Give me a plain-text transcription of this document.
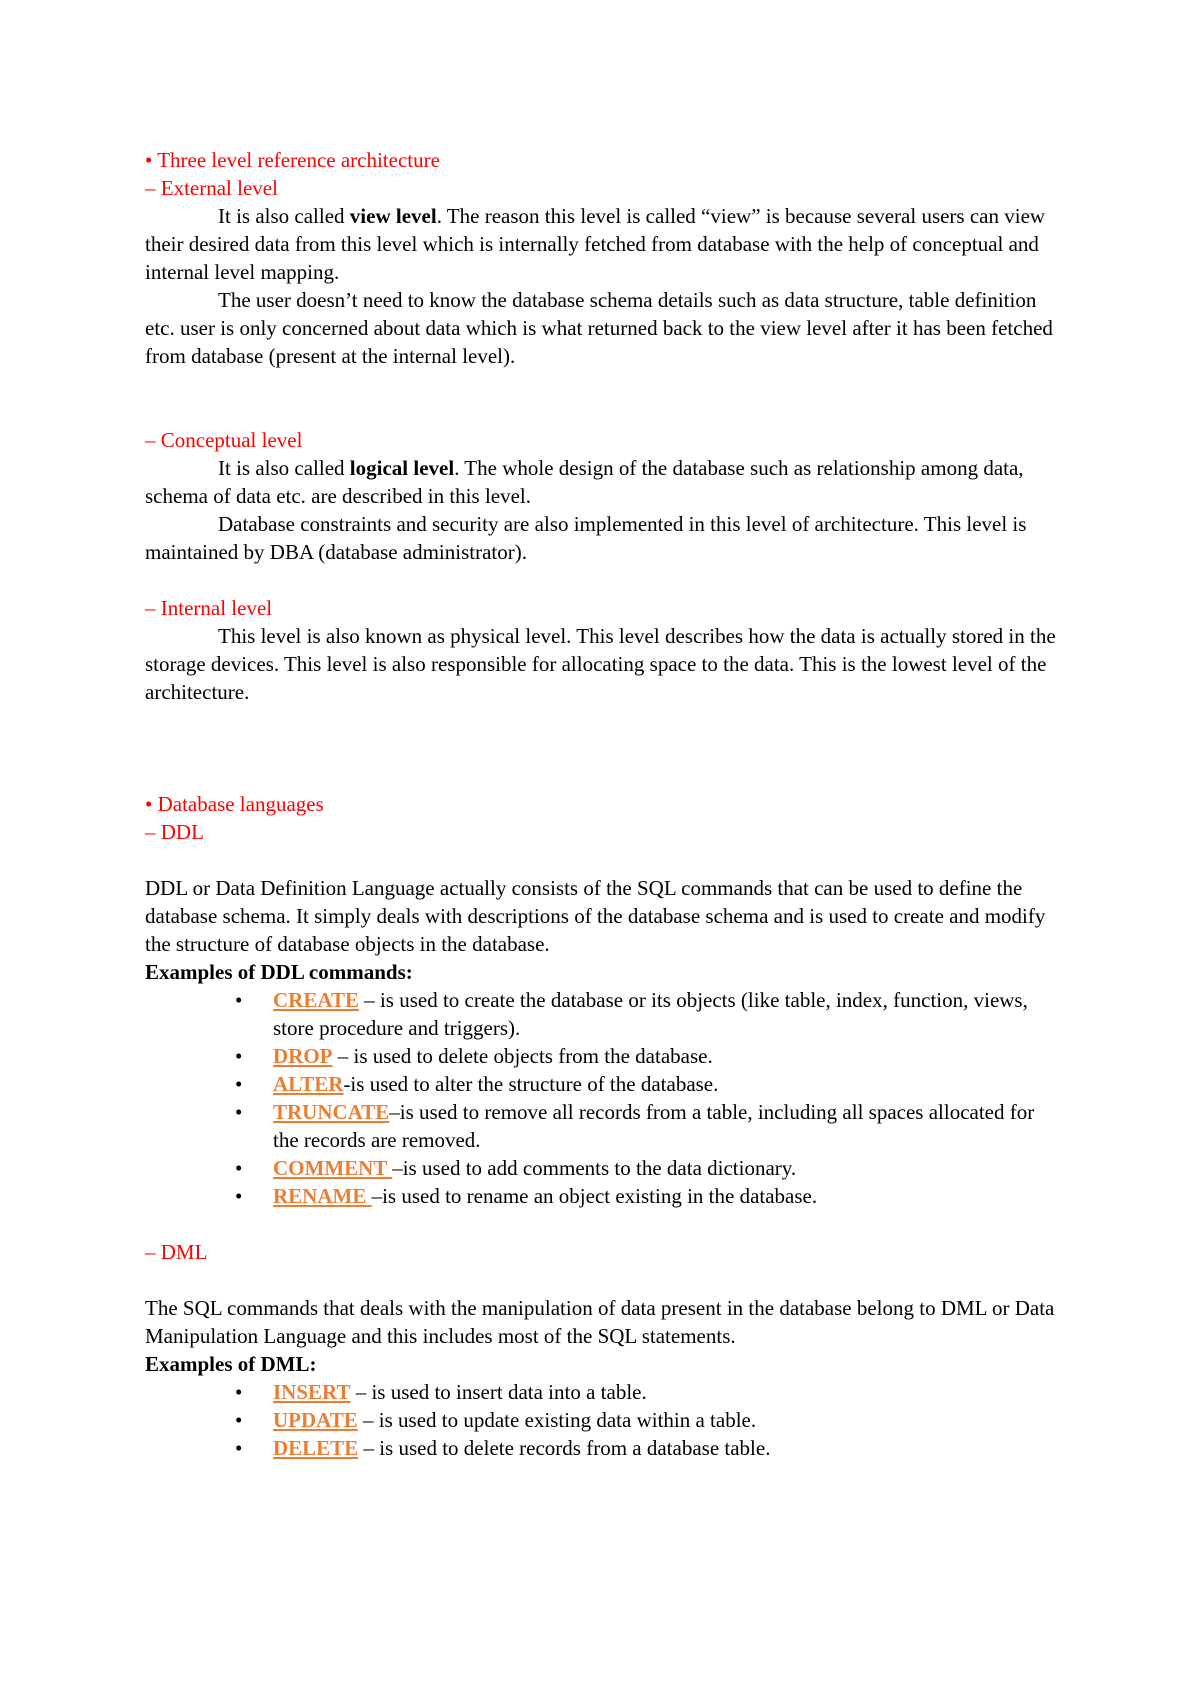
• Three level reference architecture

– External level

It is also called view level. The reason this level is called “view” is because several users can view their desired data from this level which is internally fetched from database with the help of conceptual and internal level mapping.

The user doesn’t need to know the database schema details such as data structure, table definition etc. user is only concerned about data which is what returned back to the view level after it has been fetched from database (present at the internal level).

– Conceptual level

It is also called logical level. The whole design of the database such as relationship among data, schema of data etc. are described in this level.

Database constraints and security are also implemented in this level of architecture. This level is maintained by DBA (database administrator).

– Internal level

This level is also known as physical level. This level describes how the data is actually stored in the storage devices. This level is also responsible for allocating space to the data. This is the lowest level of the architecture.

• Database languages

– DDL

DDL or Data Definition Language actually consists of the SQL commands that can be used to define the database schema. It simply deals with descriptions of the database schema and is used to create and modify the structure of database objects in the database.

Examples of DDL commands:

• CREATE – is used to create the database or its objects (like table, index, function, views, store procedure and triggers).
• DROP – is used to delete objects from the database.
• ALTER-is used to alter the structure of the database.
• TRUNCATE–is used to remove all records from a table, including all spaces allocated for the records are removed.
• COMMENT –is used to add comments to the data dictionary.
• RENAME –is used to rename an object existing in the database.

– DML

The SQL commands that deals with the manipulation of data present in the database belong to DML or Data Manipulation Language and this includes most of the SQL statements.

Examples of DML:

• INSERT – is used to insert data into a table.
• UPDATE – is used to update existing data within a table.
• DELETE – is used to delete records from a database table.
